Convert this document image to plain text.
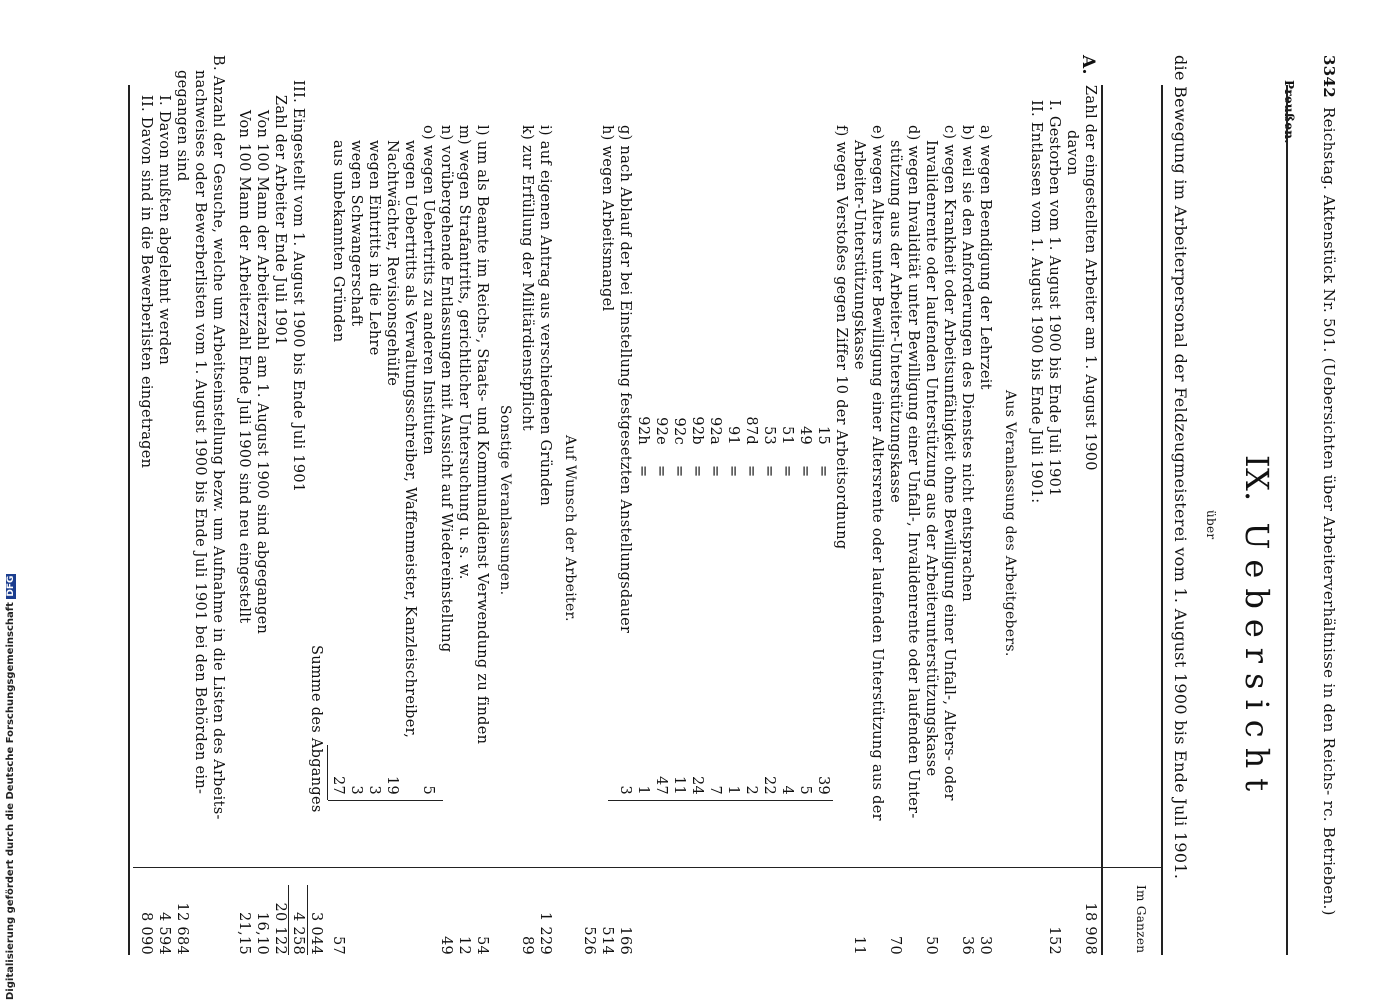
3342
Reichstag. Aktenstück Nr. 501. (Uebersichten über Arbeiterverhältnisse in den Reichs- rc. Betrieben.)
Preußen.
IX.  Uebersicht
über
die Bewegung im Arbeiterpersonal der Feldzeugmeisterei vom 1. August 1900 bis Ende Juli 1901.
Im Ganzen
A.
Zahl der eingestellten Arbeiter am 1. August 1900
18 908
davon
I. Gestorben vom 1. August 1900 bis Ende Juli 1901
152
II. Entlassen vom 1. August 1900 bis Ende Juli 1901:
Aus Veranlassung des Arbeitgebers.
a) wegen Beendigung der Lehrzeit
30
b) weil sie den Anforderungen des Dienstes nicht entsprachen
36
c) wegen Krankheit oder Arbeitsunfähigkeit ohne Bewilligung einer Unfall-, Alters- oder
Invalidenrente oder laufenden Unterstützung aus der Arbeiterunterstützungskasse
50
d) wegen Invalidität unter Bewilligung einer Unfall-, Invalidenrente oder laufenden Unter-
stützung aus der Arbeiter-Unterstützungskasse
70
e) wegen Alters unter Bewilligung einer Altersrente oder laufenden Unterstützung aus der
Arbeiter-Unterstützungskasse
11
f) wegen Verstoßes gegen Ziffer 10 der Arbeitsordnung
15
=
39
49
=
5
51
=
4
53
=
22
87d
=
2
91
=
1
92a
=
7
92b
=
24
92c
=
11
92e
=
47
92h
=
1
3
166
g) nach Ablauf der bei Einstellung festgesetzten Anstellungsdauer
514
h) wegen Arbeitsmangel
526
Auf Wunsch der Arbeiter.
i) auf eigenen Antrag aus verschiedenen Gründen
1 229
k) zur Erfüllung der Militärdienstpflicht
89
Sonstige Veranlassungen.
l) um als Beamte im Reichs-, Staats- und Kommunaldienst Verwendung zu finden
54
m) wegen Strafantritts, gerichtlicher Untersuchung u. s. w.
12
n) vorübergehende Entlassungen mit Aussicht auf Wiedereinstellung
49
o) wegen Uebertritts zu anderen Instituten
5
wegen Uebertritts als Verwaltungsschreiber, Waffenmeister, Kanzleischreiber,
Nachtwächter, Revisionsgehülfe
19
wegen Eintritts in die Lehre
3
wegen Schwangerschaft
3
aus unbekannten Gründen
27
57
Summe des Abganges
3 044
III. Eingestellt vom 1. August 1900 bis Ende Juli 1901
4 258
Zahl der Arbeiter Ende Juli 1901
20 122
Von 100 Mann der Arbeiterzahl am 1. August 1900 sind abgegangen
16,10
Von 100 Mann der Arbeiterzahl Ende Juli 1900 sind neu eingestellt
21,15
B. Anzahl der Gesuche, welche um Arbeitseinstellung bezw. um Aufnahme in die Listen des Arbeits-
nachweises oder Bewerberlisten vom 1. August 1900 bis Ende Juli 1901 bei den Behörden ein-
gegangen sind
12 684
I. Davon mußten abgelehnt werden
4 594
II. Davon sind in die Bewerberlisten eingetragen
8 090
Digitalisierung gefördert durch die Deutsche Forschungsgemeinschaft DFG
